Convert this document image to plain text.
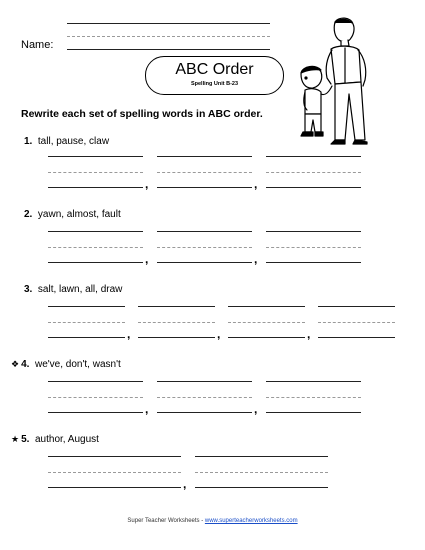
Name:
ABC Order
Spelling Unit B-23
Rewrite each set of spelling words in ABC order.
1. tall, pause, claw
,	,
2. yawn, almost, fault
,	,
3. salt, lawn, all, draw
,	,	,
❖ 4. we've, don't, wasn't
,	,
★ 5. author, August
,
Super Teacher Worksheets - www.superteacherworksheets.com
